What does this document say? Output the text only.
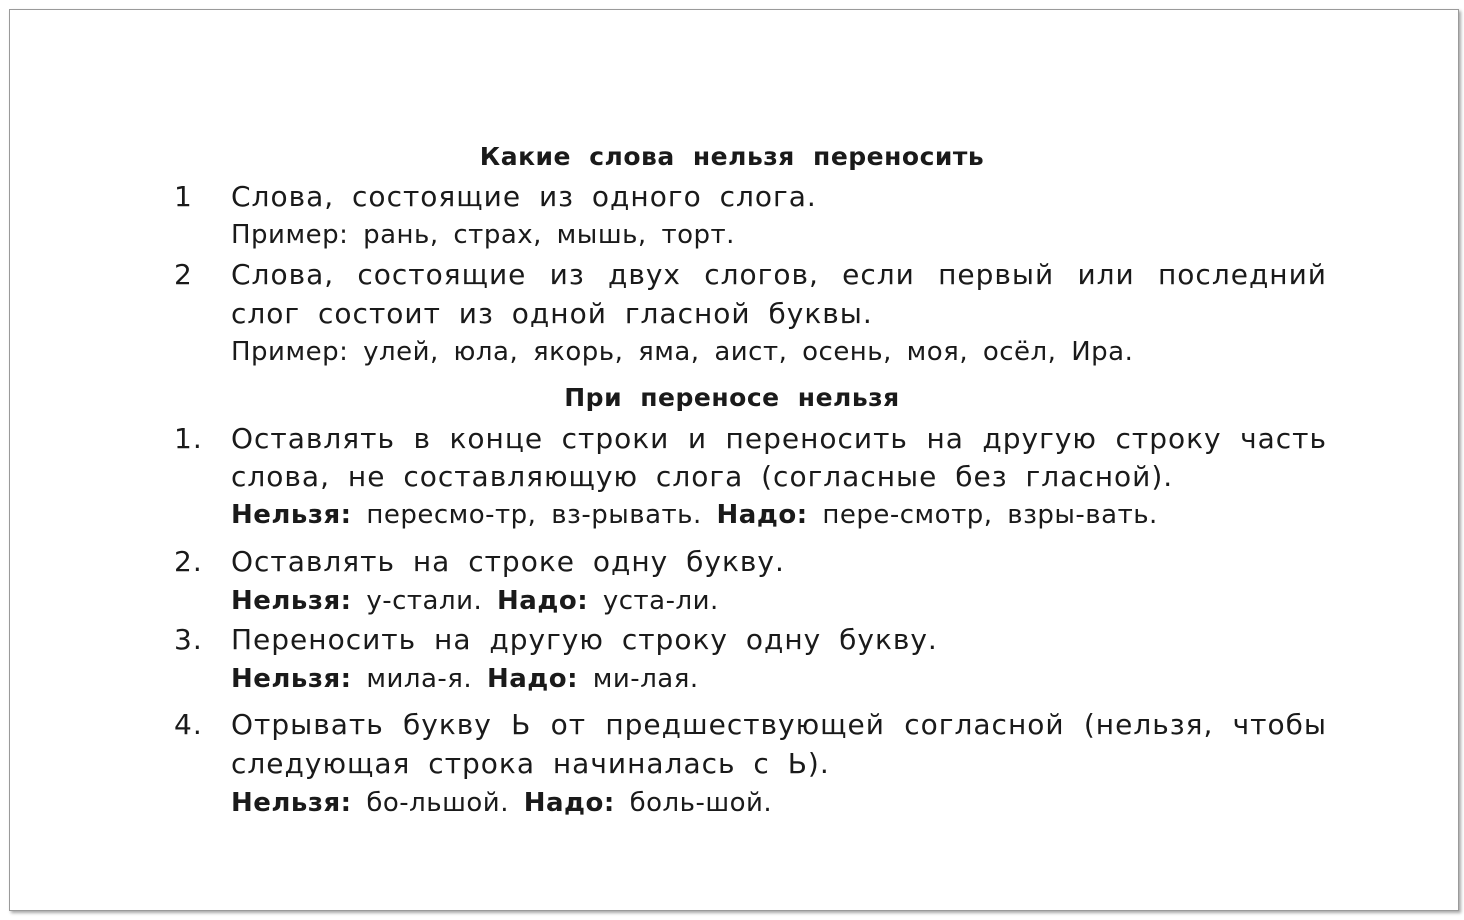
Какие слова нельзя переносить
1 Слова, состоящие из одного слога.
Пример: рань, страх, мышь, торт.
2 Слова, состоящие из двух слогов, если первый или последний
слог состоит из одной гласной буквы.
Пример: улей, юла, якорь, яма, аист, осень, моя, осёл, Ира.
При переносе нельзя
1. Оставлять в конце строки и переносить на другую строку часть
слова, не составляющую слога (согласные без гласной).
Нельзя: пересмо-тр, вз-рывать. Надо: пере-смотр, взры-вать.
2. Оставлять на строке одну букву.
Нельзя: у-стали. Надо: уста-ли.
3. Переносить на другую строку одну букву.
Нельзя: мила-я. Надо: ми-лая.
4. Отрывать букву Ь от предшествующей согласной (нельзя, чтобы
следующая строка начиналась с Ь).
Нельзя: бо-льшой. Надо: боль-шой.
